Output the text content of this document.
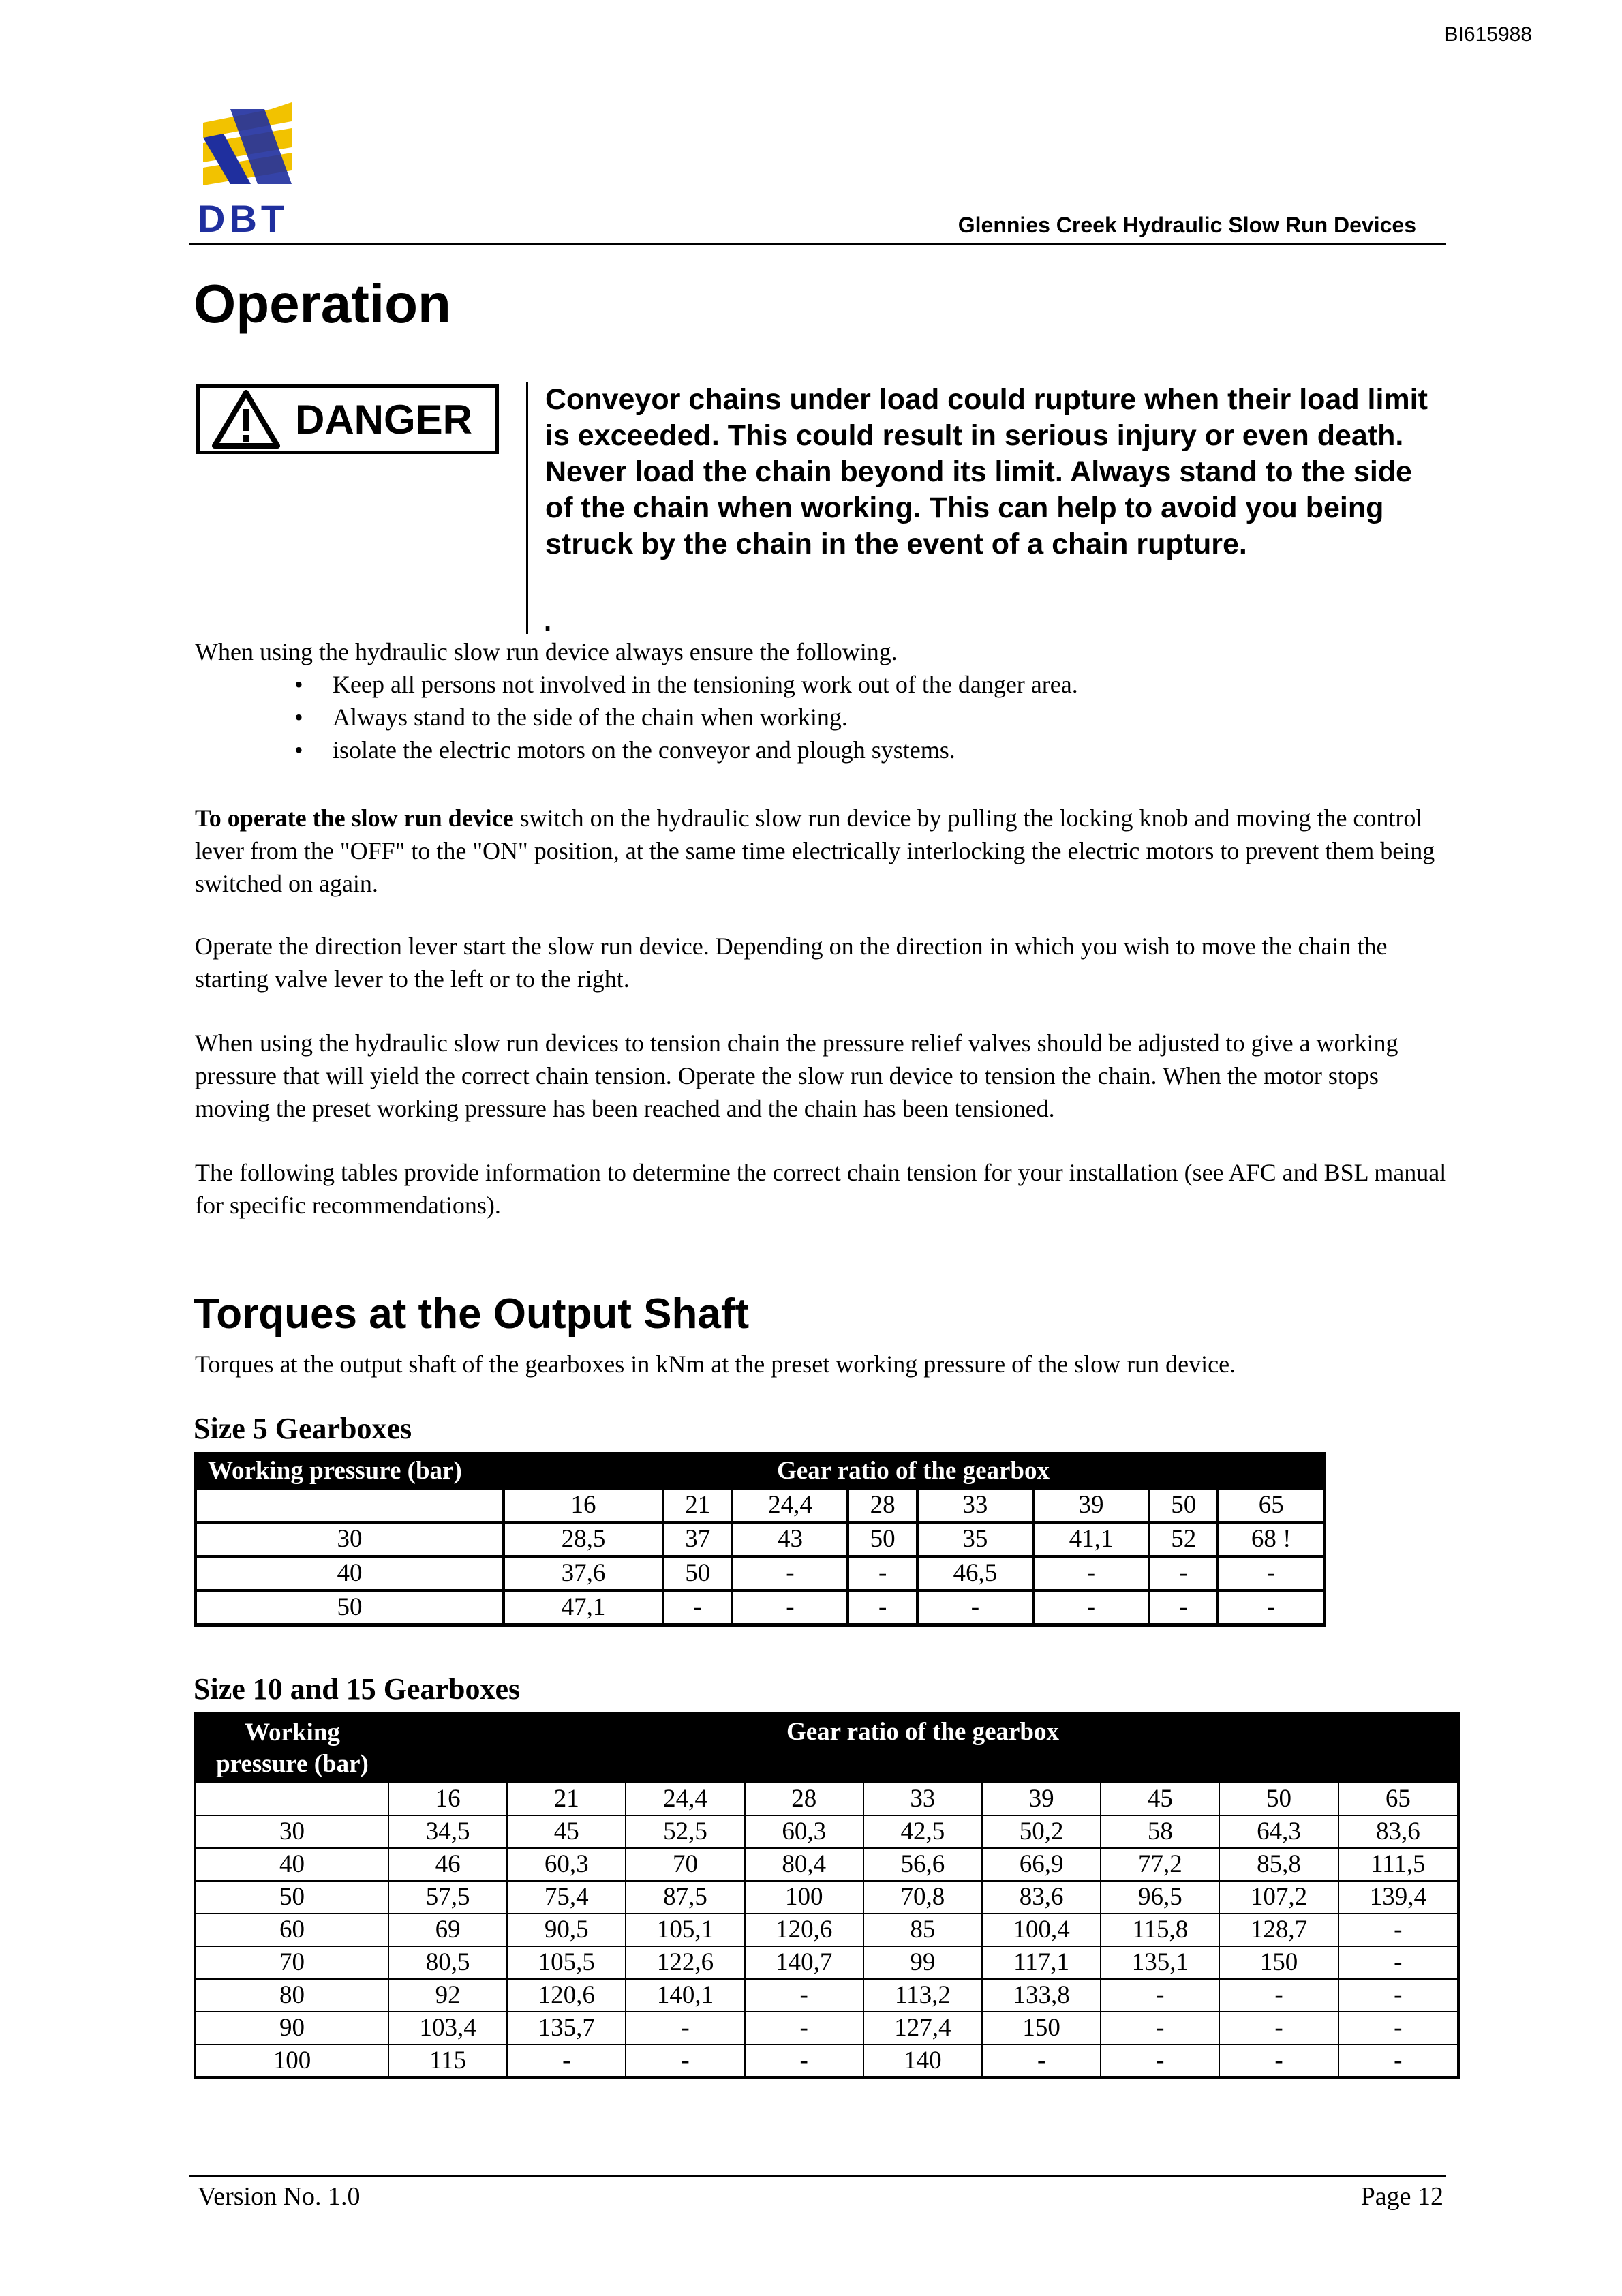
BI615988
DBT	Glennies Creek Hydraulic Slow Run Devices
Operation
DANGER Conveyor chains under load could rupture when their load limit is exceeded. This could result in serious injury or even death.

Never load the chain beyond its limit. Always stand to the side of the chain when working. This can help to avoid you being struck by the chain in the event of a chain rupture.

.

When using the hydraulic slow run device always ensure the following.

• Keep all persons not involved in the tensioning work out of the danger area.
• Always stand to the side of the chain when working.
• isolate the electric motors on the conveyor and plough systems.

To operate the slow run device switch on the hydraulic slow run device by pulling the locking knob and moving the control lever from the "OFF" to the "ON" position, at the same time electrically interlocking the electric motors to prevent them being switched on again.

Operate the direction lever start the slow run device. Depending on the direction in which you wish to move the chain the starting valve lever to the left or to the right.

When using the hydraulic slow run devices to tension chain the pressure relief valves should be adjusted to give a working pressure that will yield the correct chain tension. Operate the slow run device to tension the chain. When the motor stops moving the preset working pressure has been reached and the chain has been tensioned.

The following tables provide information to determine the correct chain tension for your installation (see AFC and BSL manual for specific recommendations).

Torques at the Output Shaft
Torques at the output shaft of the gearboxes in kNm at the preset working pressure of the slow run device.
Size 5 Gearboxes
Working pressure (bar)	Gear ratio of the gearbox							
	16	21	24,4	28	33	39	50	65
30	28,5	37	43	50	35	41,1	52	68 !
40	37,6	50	-	-	46,5	-	-	-
50	47,1	-	-	-	-	-	-	-
Size 10 and 15 Gearboxes
Working pressure (bar)	Gear ratio of the gearbox								
	16	21	24,4	28	33	39	45	50	65
30	34,5	45	52,5	60,3	42,5	50,2	58	64,3	83,6
40	46	60,3	70	80,4	56,6	66,9	77,2	85,8	111,5
50	57,5	75,4	87,5	100	70,8	83,6	96,5	107,2	139,4
60	69	90,5	105,1	120,6	85	100,4	115,8	128,7	-
70	80,5	105,5	122,6	140,7	99	117,1	135,1	150	-
80	92	120,6	140,1	-	113,2	133,8	-	-	-
90	103,4	135,7	-	-	127,4	150	-	-	-
100	115	-	-	-	140	-	-	-	-
Version No. 1.0	Page 12
